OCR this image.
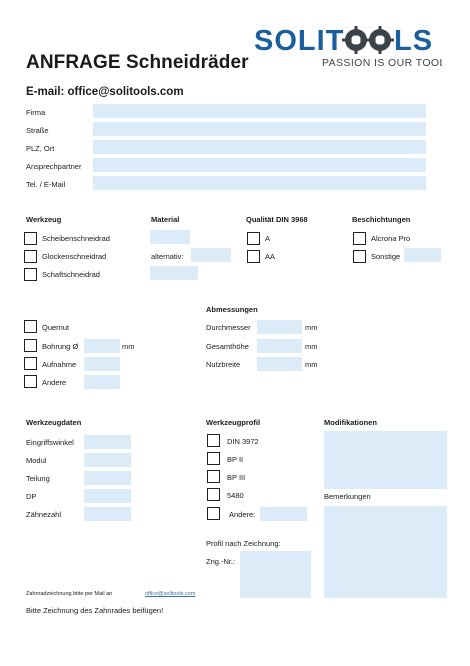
SOLIT LS
PASSION IS OUR TOOL
ANFRAGE Schneidräder
E-mail: office@solitools.com
Firma
Straße
PLZ, Ort
Ansprechpartner
Tel. / E-Mail
Werkzeug
Scheibenschneidrad
Glockenschneidrad
Schaftschneidrad
Material
alternativ:
Qualität DIN 3968
A
AA
Beschichtungen
Alcrona Pro
Sonstige
Quernut
Bohrung Ø	mm
Aufnahme
Andere
Abmessungen
Durchmesser	mm
Gesamthöhe	mm
Nutzbreite	mm
Werkzeugdaten
Eingriffswinkel
Modul
Teilung
DP
Zähnezahl
Werkzeugprofil
DIN 3972
BP II
BP III
5480
Andere:
Profil nach Zeichnung:
Zng.-Nr.:
Modifikationen
Bemerkungen
Zahnradzeichnung bitte per Mail an	office@solitools.com
Bitte Zeichnung des Zahnrades beifügen!
